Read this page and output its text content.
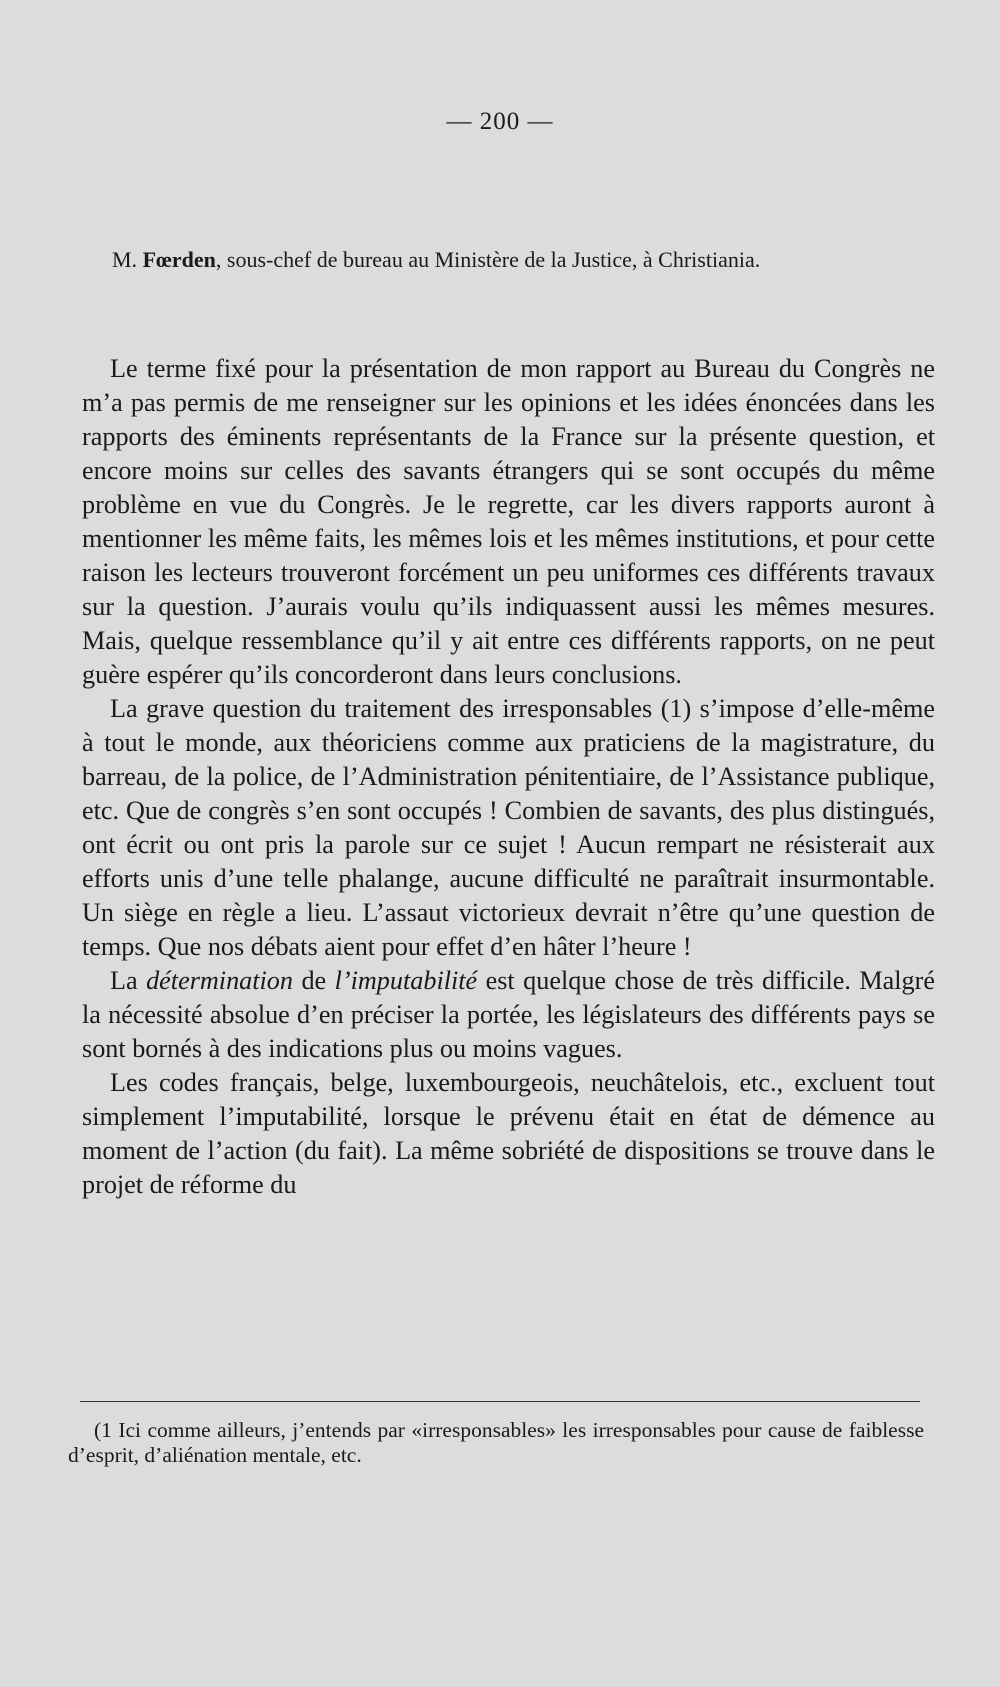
— 200 —
M. Fœrden, sous-chef de bureau au Ministère de la Justice, à Christiania.

Le terme fixé pour la présentation de mon rapport au Bureau du Congrès ne m’a pas permis de me renseigner sur les opinions et les idées énoncées dans les rapports des éminents représentants de la France sur la présente question, et encore moins sur celles des savants étrangers qui se sont occupés du même problème en vue du Congrès. Je le regrette, car les divers rapports auront à mentionner les même faits, les mêmes lois et les mêmes institutions, et pour cette raison les lecteurs trouveront forcément un peu uniformes ces différents travaux sur la question. J’aurais voulu qu’ils indiquassent aussi les mêmes mesures. Mais, quelque ressemblance qu’il y ait entre ces différents rapports, on ne peut guère espérer qu’ils concorderont dans leurs conclusions.

La grave question du traitement des irresponsables (1) s’impose d’elle-même à tout le monde, aux théoriciens comme aux praticiens de la magistrature, du barreau, de la police, de l’Administration pénitentiaire, de l’Assistance publique, etc. Que de congrès s’en sont occupés ! Combien de savants, des plus distingués, ont écrit ou ont pris la parole sur ce sujet ! Aucun rempart ne résisterait aux efforts unis d’une telle phalange, aucune difficulté ne paraîtrait insurmontable. Un siège en règle a lieu. L’assaut victorieux devrait n’être qu’une question de temps. Que nos débats aient pour effet d’en hâter l’heure !

La détermination de l’imputabilité est quelque chose de très difficile. Malgré la nécessité absolue d’en préciser la portée, les législateurs des différents pays se sont bornés à des indications plus ou moins vagues.

Les codes français, belge, luxembourgeois, neuchâtelois, etc., excluent tout simplement l’imputabilité, lorsque le prévenu était en état de démence au moment de l’action (du fait). La même sobriété de dispositions se trouve dans le projet de réforme du

(1 Ici comme ailleurs, j’entends par «irresponsables» les irresponsables pour cause de faiblesse d’esprit, d’aliénation mentale, etc.
